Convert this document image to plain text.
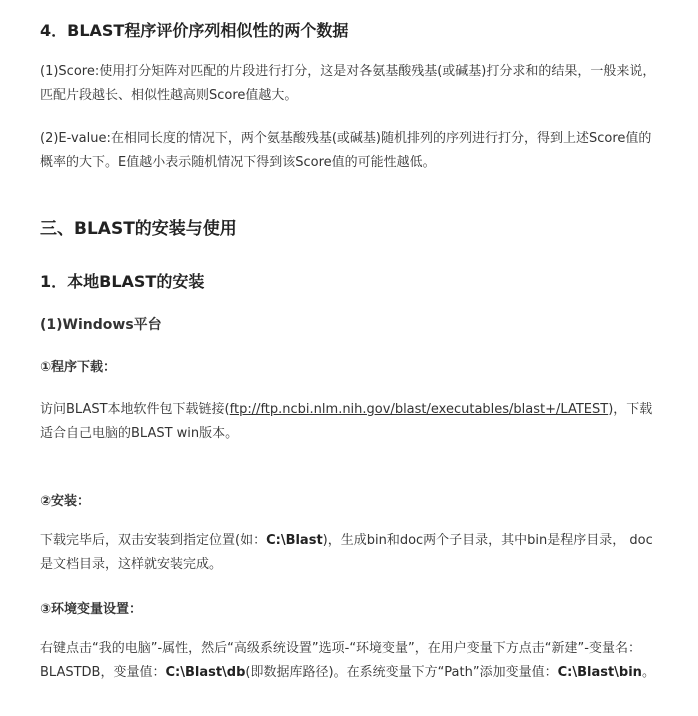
4．BLAST程序评价序列相似性的两个数据
(1)Score:使用打分矩阵对匹配的片段进行打分，这是对各氨基酸残基(或碱基)打分求和的结果，一般来说，匹配片段越长、相似性越高则Score值越大。
(2)E-value:在相同长度的情况下，两个氨基酸残基(或碱基)随机排列的序列进行打分，得到上述Score值的概率的大下。E值越小表示随机情况下得到该Score值的可能性越低。
三、BLAST的安装与使用
1．本地BLAST的安装
(1)Windows平台
①程序下载：
访问BLAST本地软件包下载链接(ftp://ftp.ncbi.nlm.nih.gov/blast/executables/blast+/LATEST)，下载适合自己电脑的BLAST win版本。
②安装：
下载完毕后，双击安装到指定位置(如：C:\Blast)，生成bin和doc两个子目录，其中bin是程序目录， doc是文档目录，这样就安装完成。
③环境变量设置：
右键点击“我的电脑”-属性，然后“高级系统设置”选项-“环境变量”，在用户变量下方点击“新建”-变量名：BLASTDB，变量值：C:\Blast\db(即数据库路径)。在系统变量下方“Path”添加变量值：C:\Blast\bin。
